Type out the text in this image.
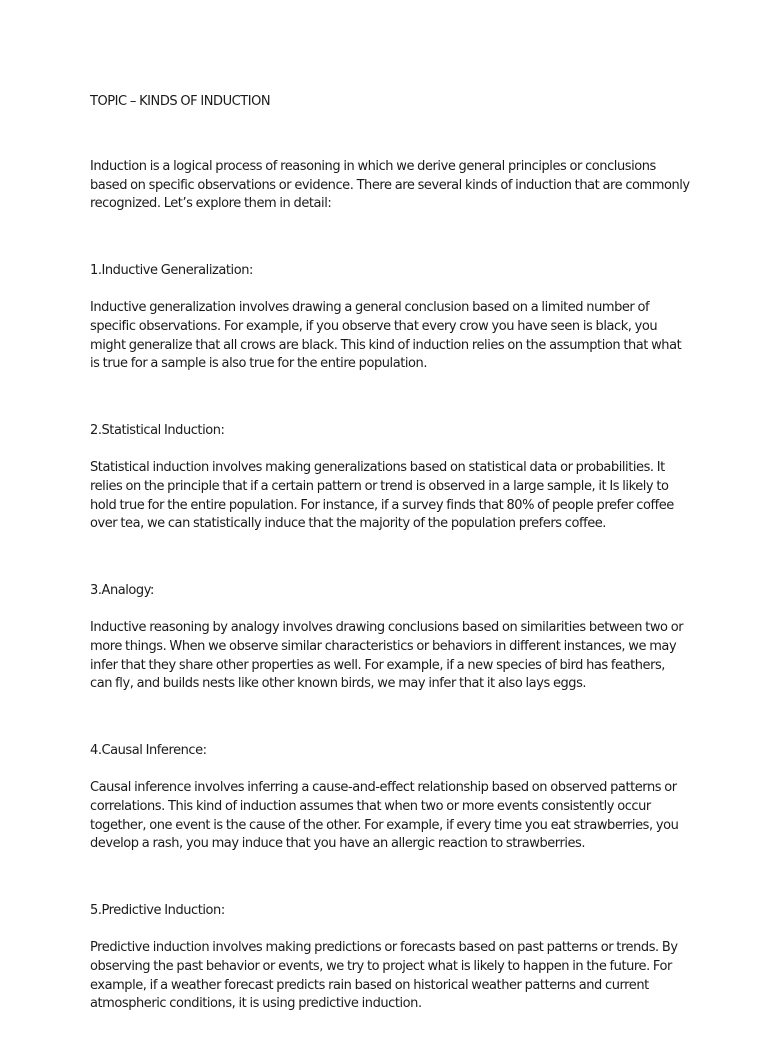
TOPIC – KINDS OF INDUCTION

Induction is a logical process of reasoning in which we derive general principles or conclusions based on specific observations or evidence. There are several kinds of induction that are commonly recognized. Let’s explore them in detail:

1.Inductive Generalization:

Inductive generalization involves drawing a general conclusion based on a limited number of specific observations. For example, if you observe that every crow you have seen is black, you might generalize that all crows are black. This kind of induction relies on the assumption that what is true for a sample is also true for the entire population.

2.Statistical Induction:

Statistical induction involves making generalizations based on statistical data or probabilities. It relies on the principle that if a certain pattern or trend is observed in a large sample, it Is likely to hold true for the entire population. For instance, if a survey finds that 80% of people prefer coffee over tea, we can statistically induce that the majority of the population prefers coffee.

3.Analogy:

Inductive reasoning by analogy involves drawing conclusions based on similarities between two or more things. When we observe similar characteristics or behaviors in different instances, we may infer that they share other properties as well. For example, if a new species of bird has feathers, can fly, and builds nests like other known birds, we may infer that it also lays eggs.

4.Causal Inference:

Causal inference involves inferring a cause-and-effect relationship based on observed patterns or correlations. This kind of induction assumes that when two or more events consistently occur together, one event is the cause of the other. For example, if every time you eat strawberries, you develop a rash, you may induce that you have an allergic reaction to strawberries.

5.Predictive Induction:

Predictive induction involves making predictions or forecasts based on past patterns or trends. By observing the past behavior or events, we try to project what is likely to happen in the future. For example, if a weather forecast predicts rain based on historical weather patterns and current atmospheric conditions, it is using predictive induction.
